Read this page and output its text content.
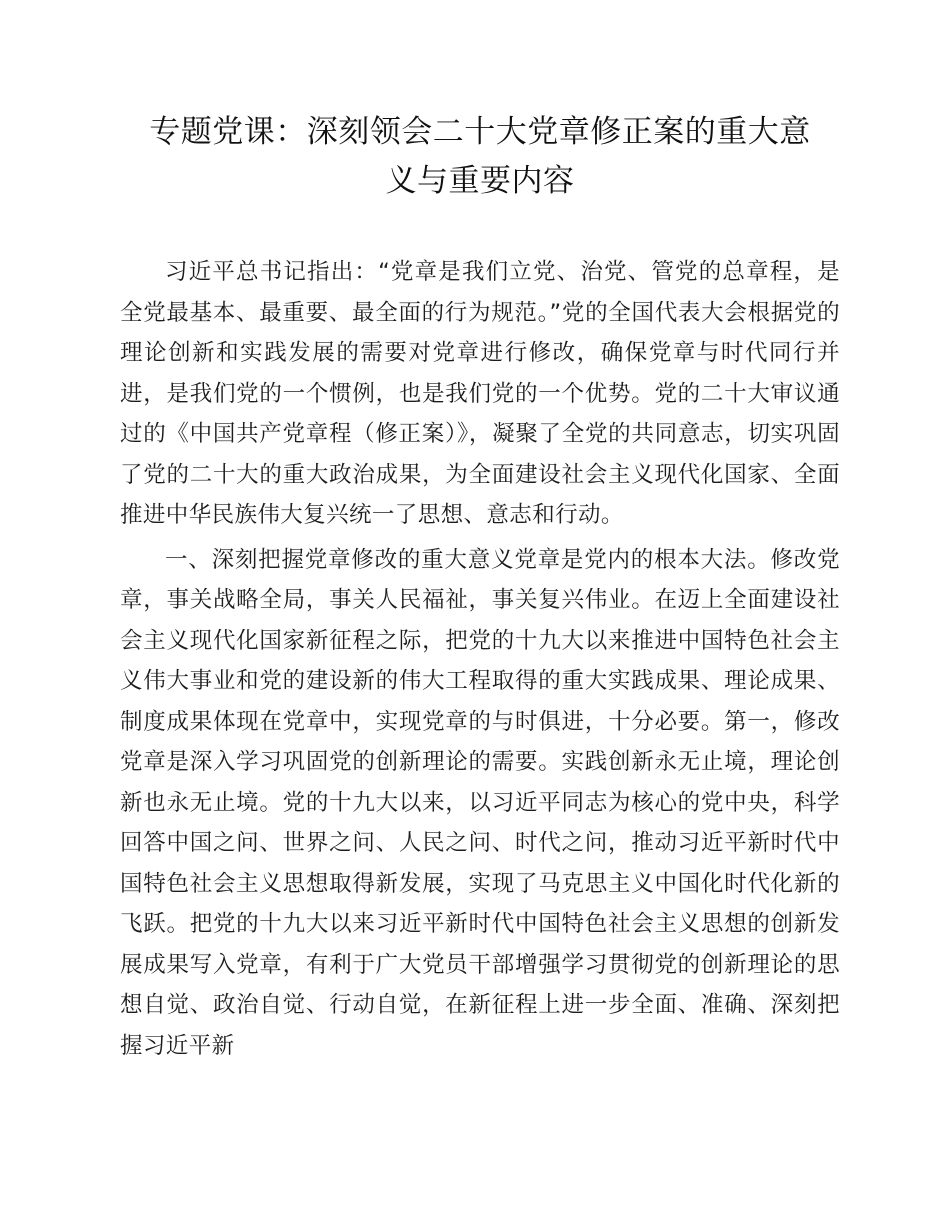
专题党课：深刻领会二十大党章修正案的重大意
义与重要内容

习近平总书记指出：“党章是我们立党、治党、管党的总章程，是全党最基本、最重要、最全面的行为规范。”党的全国代表大会根据党的理论创新和实践发展的需要对党章进行修改，确保党章与时代同行并进，是我们党的一个惯例，也是我们党的一个优势。党的二十大审议通过的《中国共产党章程（修正案）》，凝聚了全党的共同意志，切实巩固了党的二十大的重大政治成果，为全面建设社会主义现代化国家、全面推进中华民族伟大复兴统一了思想、意志和行动。

一、深刻把握党章修改的重大意义党章是党内的根本大法。修改党章，事关战略全局，事关人民福祉，事关复兴伟业。在迈上全面建设社会主义现代化国家新征程之际，把党的十九大以来推进中国特色社会主义伟大事业和党的建设新的伟大工程取得的重大实践成果、理论成果、制度成果体现在党章中，实现党章的与时俱进，十分必要。第一，修改党章是深入学习巩固党的创新理论的需要。实践创新永无止境，理论创新也永无止境。党的十九大以来，以习近平同志为核心的党中央，科学回答中国之问、世界之问、人民之问、时代之问，推动习近平新时代中国特色社会主义思想取得新发展，实现了马克思主义中国化时代化新的飞跃。把党的十九大以来习近平新时代中国特色社会主义思想的创新发展成果写入党章，有利于广大党员干部增强学习贯彻党的创新理论的思想自觉、政治自觉、行动自觉，在新征程上进一步全面、准确、深刻把握习近平新
